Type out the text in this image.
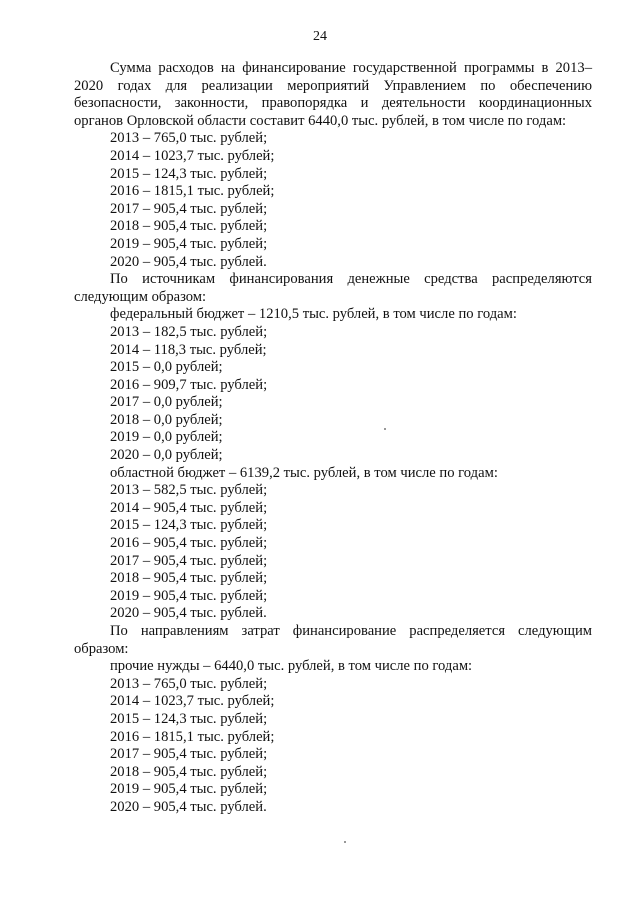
24

Сумма расходов на финансирование государственной программы в 2013–2020 годах для реализации мероприятий Управлением по обеспечению безопасности, законности, правопорядка и деятельности координационных органов Орловской области составит 6440,0 тыс. рублей, в том числе по годам:

2013 – 765,0 тыс. рублей;

2014 – 1023,7 тыс. рублей;

2015 – 124,3 тыс. рублей;

2016 – 1815,1 тыс. рублей;

2017 – 905,4 тыс. рублей;

2018 – 905,4 тыс. рублей;

2019 – 905,4 тыс. рублей;

2020 – 905,4 тыс. рублей.

По источникам финансирования денежные средства распределяются следующим образом:

федеральный бюджет – 1210,5 тыс. рублей, в том числе по годам:

2013 – 182,5 тыс. рублей;

2014 – 118,3 тыс. рублей;

2015 – 0,0 рублей;

2016 – 909,7 тыс. рублей;

2017 – 0,0 рублей;

2018 – 0,0 рублей;

2019 – 0,0 рублей;

2020 – 0,0 рублей;

областной бюджет – 6139,2 тыс. рублей, в том числе по годам:

2013 – 582,5 тыс. рублей;

2014 – 905,4 тыс. рублей;

2015 – 124,3 тыс. рублей;

2016 – 905,4 тыс. рублей;

2017 – 905,4 тыс. рублей;

2018 – 905,4 тыс. рублей;

2019 – 905,4 тыс. рублей;

2020 – 905,4 тыс. рублей.

По направлениям затрат финансирование распределяется следующим образом:

прочие нужды – 6440,0 тыс. рублей, в том числе по годам:

2013 – 765,0 тыс. рублей;

2014 – 1023,7 тыс. рублей;

2015 – 124,3 тыс. рублей;

2016 – 1815,1 тыс. рублей;

2017 – 905,4 тыс. рублей;

2018 – 905,4 тыс. рублей;

2019 – 905,4 тыс. рублей;

2020 – 905,4 тыс. рублей.
